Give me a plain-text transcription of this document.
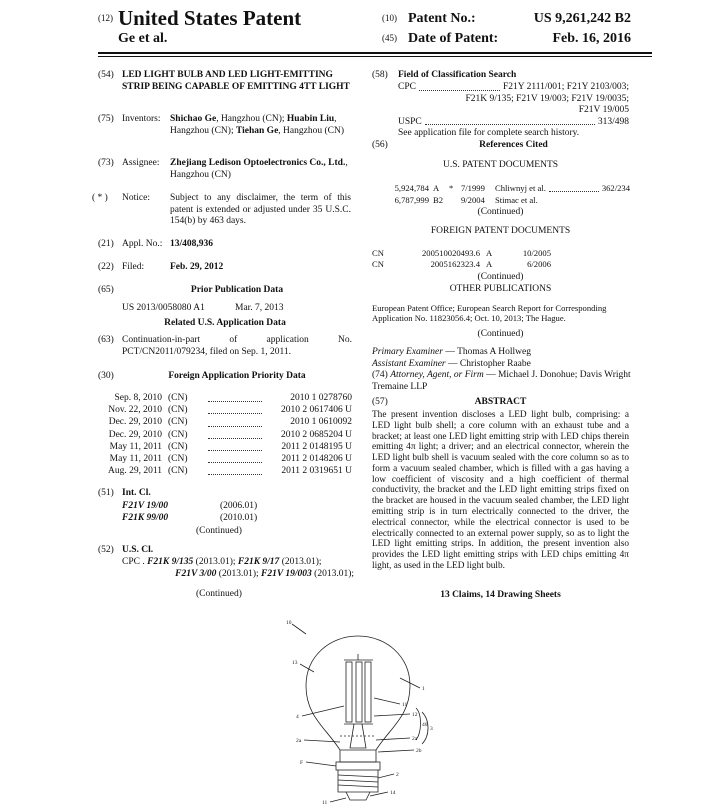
(12) United States Patent
Ge et al.
(10) Patent No.:	US 9,261,242 B2
(45) Date of Patent:	Feb. 16, 2016
(54) LED LIGHT BULB AND LED LIGHT-EMITTING STRIP BEING CAPABLE OF EMITTING 4TT LIGHT
(75) Inventors: Shichao Ge, Hangzhou (CN); Huabin Liu, Hangzhou (CN); Tiehan Ge, Hangzhou (CN)
(73) Assignee: Zhejiang Ledison Optoelectronics Co., Ltd., Hangzhou (CN)
( * ) Notice: Subject to any disclaimer, the term of this patent is extended or adjusted under 35 U.S.C. 154(b) by 463 days.
(21) Appl. No.: 13/408,936
(22) Filed:	Feb. 29, 2012
(65)	Prior Publication Data
US 2013/0058080 A1	Mar. 7, 2013
Related U.S. Application Data
(63) Continuation-in-part of application No. PCT/CN2011/079234, filed on Sep. 1, 2011.
(30)	Foreign Application Priority Data
Sep. 8, 2010 (CN)	2010 1 0278760
Nov. 22, 2010 (CN)	2010 2 0617406 U
Dec. 29, 2010 (CN)	2010 1 0610092
Dec. 29, 2010 (CN)	2010 2 0685204 U
May 11, 2011 (CN)	2011 2 0148195 U
May 11, 2011 (CN)	2011 2 0148206 U
Aug. 29, 2011 (CN)	2011 2 0319651 U
(51) Int. Cl.
F21V 19/00	(2006.01)
F21K 99/00	(2010.01)
(Continued)
(52) U.S. Cl.
CPC . F21K 9/135 (2013.01); F21K 9/17 (2013.01);
F21V 3/00 (2013.01); F21V 19/003 (2013.01);
(Continued)
(58) Field of Classification Search
CPC	F21Y 2111/001; F21Y 2103/003;
F21K 9/135; F21V 19/003; F21V 19/0035;
F21V 19/005
USPC	313/498
See application file for complete search history.
(56)	References Cited
U.S. PATENT DOCUMENTS
5,924,784 A	* 7/1999	Chliwnyj et al.	362/234
6,787,999 B2	9/2004	Stimac et al.
(Continued)
FOREIGN PATENT DOCUMENTS
CN	200510020493.6 A	10/2005
CN	2005162323.4 A	6/2006
(Continued)
OTHER PUBLICATIONS
European Patent Office; European Search Report for Corresponding Application No. 11823056.4; Oct. 10, 2013; The Hague.
(Continued)
Primary Examiner — Thomas A Hollweg
Assistant Examiner — Christopher Raabe
(74) Attorney, Agent, or Firm — Michael J. Donohue; Davis Wright Tremaine LLP
(57)	ABSTRACT
The present invention discloses a LED light bulb, comprising: a LED light bulb shell; a core column with an exhaust tube and a bracket; at least one LED light emitting strip with LED chips therein emitting 4π light; a driver; and an electrical connector, wherein the LED light bulb shell is vacuum sealed with the core column so as to form a vacuum sealed chamber, which is filled with a gas having a low coefficient of viscosity and a high coefficient of thermal conductivity, the bracket and the LED light emitting strips fixed on the bracket are housed in the vacuum sealed chamber, the LED light emitting strip is in turn electrically connected to the driver, the electrical connector, while the electrical connector is used to be electrically connected to an external power supply, so as to light the LED light emitting strips. In addition, the present invention also provides the LED light emitting strips with LED chips emitting 4π light, as used in the LED light bulb.
13 Claims, 14 Drawing Sheets
10
13
1
11
4	12
40
3
2a	2a
2b
F
2
14
11
